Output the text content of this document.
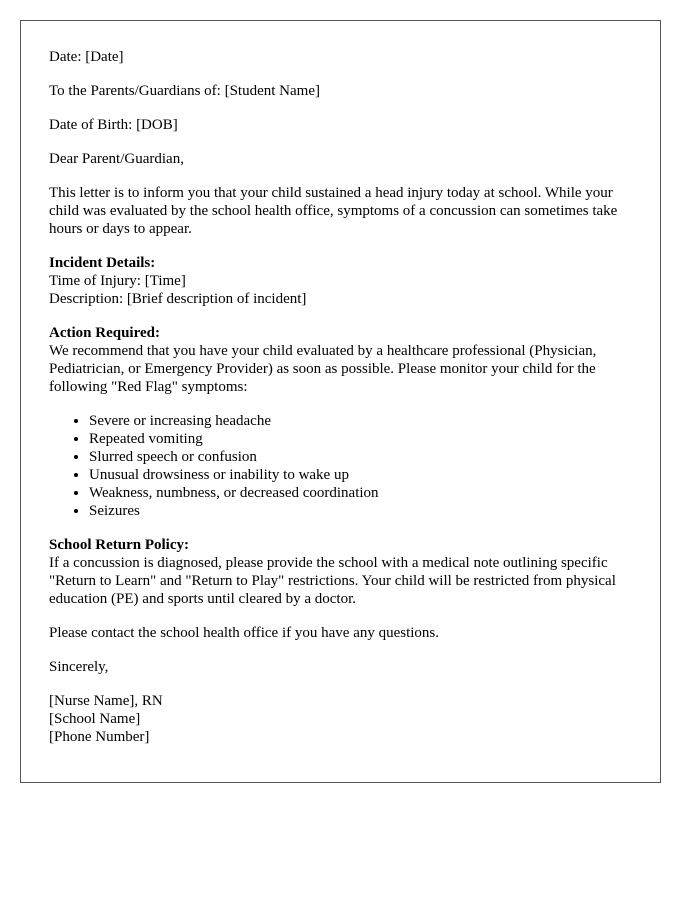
Date: [Date]

To the Parents/Guardians of: [Student Name]

Date of Birth: [DOB]

Dear Parent/Guardian,

This letter is to inform you that your child sustained a head injury today at school. While your child was evaluated by the school health office, symptoms of a concussion can sometimes take hours or days to appear.

Incident Details:
Time of Injury: [Time]
Description: [Brief description of incident]

Action Required:
We recommend that you have your child evaluated by a healthcare professional (Physician, Pediatrician, or Emergency Provider) as soon as possible. Please monitor your child for the following "Red Flag" symptoms:

• Severe or increasing headache
• Repeated vomiting
• Slurred speech or confusion
• Unusual drowsiness or inability to wake up
• Weakness, numbness, or decreased coordination
• Seizures

School Return Policy:
If a concussion is diagnosed, please provide the school with a medical note outlining specific "Return to Learn" and "Return to Play" restrictions. Your child will be restricted from physical education (PE) and sports until cleared by a doctor.

Please contact the school health office if you have any questions.

Sincerely,

[Nurse Name], RN
[School Name]
[Phone Number]
